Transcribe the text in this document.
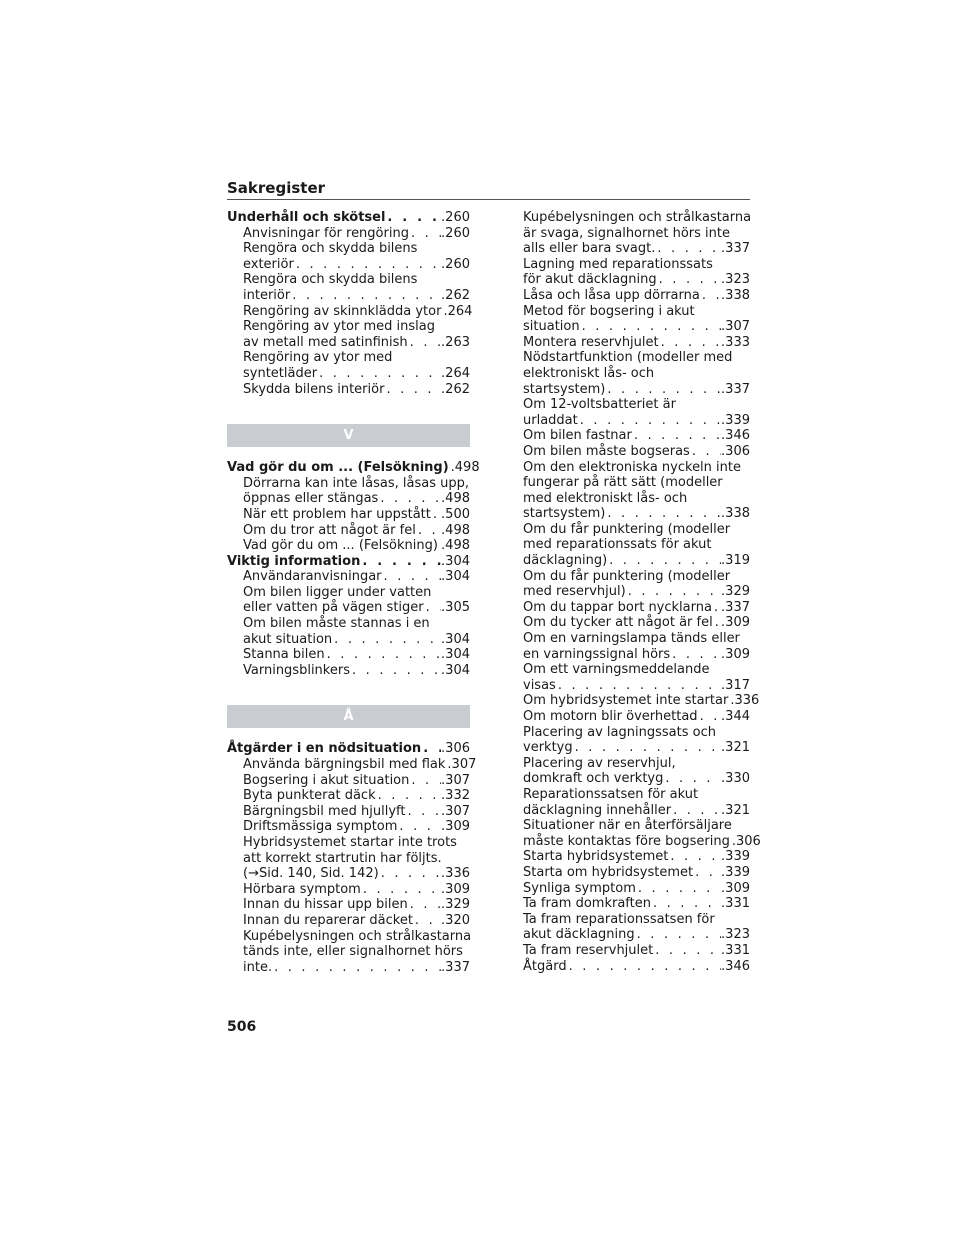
Sakregister
Underhåll och skötsel . . .	.260
Anvisningar för rengöring . . . .260
Rengöra och skydda bilens
exteriör . . .	.260
Rengöra och skydda bilens
interiör . . .	.262
Rengöring av skinnklädda ytor . . . .264
Rengöring av ytor med inslag
av metall med satinfinish . . .	.263
Rengöring av ytor med
syntetläder . . .	.264
Skydda bilens interiör . . .	.262
V
Vad gör du om ... (Felsökning) . . . .498
Dörrarna kan inte låsas, låsas upp,
öppnas eller stängas . . .	.498
När ett problem har uppstått . . . .500
Om du tror att något är fel . . . .498
Vad gör du om ... (Felsökning) . . . .498
Viktig information . . .	.304
Användaranvisningar . . .	.304
Om bilen ligger under vatten
eller vatten på vägen stiger . . . .305
Om bilen måste stannas i en
akut situation . . .	.304
Stanna bilen . . .	.304
Varningsblinkers . . .	.304
Å
Åtgärder i en nödsituation . . . .306
Använda bärgningsbil med flak . . . .307
Bogsering i akut situation . . . .307
Byta punkterat däck . . .	.332
Bärgningsbil med hjullyft . . .	.307
Driftsmässiga symptom . . .	.309
Hybridsystemet startar inte trots
att korrekt startrutin har följts.
(→Sid. 140, Sid. 142) . . .	.336
Hörbara symptom . . .	.309
Innan du hissar upp bilen . . .	.329
Innan du reparerar däcket . . . .320
Kupébelysningen och strålkastarna
tänds inte, eller signalhornet hörs
inte. . . .	.337
Kupébelysningen och strålkastarna
är svaga, signalhornet hörs inte
alls eller bara svagt. . . .	.337
Lagning med reparationssats
för akut däcklagning . . .	.323
Låsa och låsa upp dörrarna . . . .338
Metod för bogsering i akut
situation . . .	.307
Montera reservhjulet . . .	.333
Nödstartfunktion (modeller med
elektroniskt lås- och
startsystem) . . .	.337
Om 12-voltsbatteriet är
urladdat . . .	.339
Om bilen fastnar . . .	.346
Om bilen måste bogseras . . . .306
Om den elektroniska nyckeln inte
fungerar på rätt sätt (modeller
med elektroniskt lås- och
startsystem) . . .	.338
Om du får punktering (modeller
med reparationssats för akut
däcklagning) . . .	.319
Om du får punktering (modeller
med reservhjul) . . .	.329
Om du tappar bort nycklarna . . . .337
Om du tycker att något är fel . . . .309
Om en varningslampa tänds eller
en varningssignal hörs . . .	.309
Om ett varningsmeddelande
visas . . .	.317
Om hybridsystemet inte startar . . . .336
Om motorn blir överhettad . . . .344
Placering av lagningssats och
verktyg . . .	.321
Placering av reservhjul,
domkraft och verktyg . . .	.330
Reparationssatsen för akut
däcklagning innehåller . . .	.321
Situationer när en återförsäljare
måste kontaktas före bogsering . . . .306
Starta hybridsystemet . . .	.339
Starta om hybridsystemet . . . .339
Synliga symptom . . .	.309
Ta fram domkraften . . .	.331
Ta fram reparationssatsen för
akut däcklagning . . .	.323
Ta fram reservhjulet . . .	.331
Åtgärd . . .	.346
506
